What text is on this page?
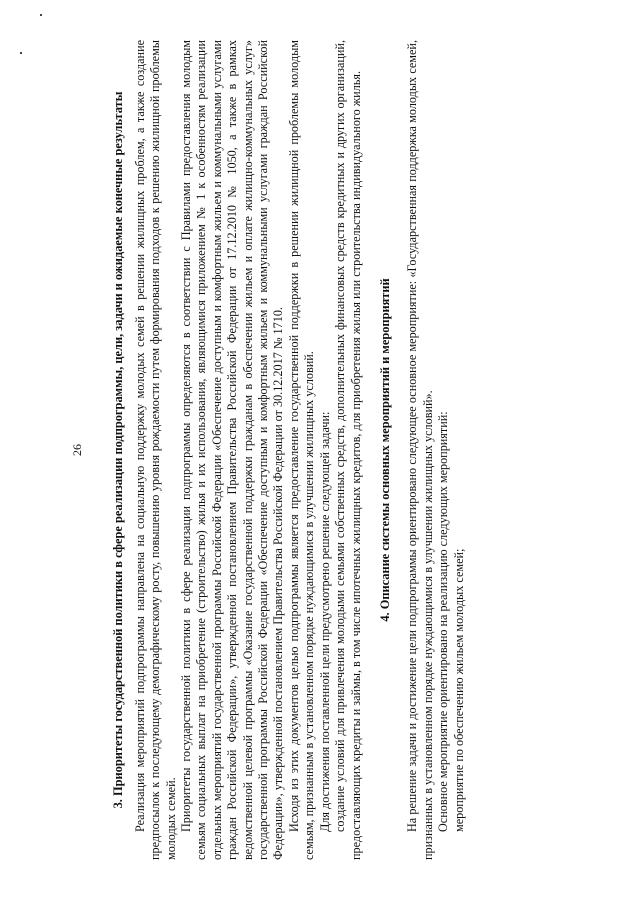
26 3. Приоритеты государственной политики в сфере реализации подпрограммы, цели, задачи и ожидаемые конечные результаты Реализация мероприятий подпрограммы направлена на социальную поддержку молодых семей в решении жилищных проблем, а также создание предпосылок к последующему демографическому росту, повышению уровня рождаемости путем формирования подходов к решению жилищной проблемы молодых семей. Приоритеты государственной политики в сфере реализации подпрограммы определяются в соответствии с Правилами предоставления молодым семьям социальных выплат на приобретение (строительство) жилья и их использования, являющимися приложением № 1 к особенностям реализации отдельных мероприятий государственной программы Российской Федерации «Обеспечение доступным и комфортным жильем и коммунальными услугами граждан Российской Федерации», утвержденной постановлением Правительства Российской Федерации от 17.12.2010 № 1050, а также в рамках ведомственной целевой программы «Оказание государственной поддержки гражданам в обеспечении жильем и оплате жилищно-коммунальных услуг» государственной программы Российской Федерации «Обеспечение доступным и комфортным жильем и коммунальными услугами граждан Российской Федерации», утвержденной постановлением Правительства Российской Федерации от 30.12.2017 № 1710. Исходя из этих документов целью подпрограммы является предоставление государственной поддержки в решении жилищной проблемы молодым семьям, признанным в установленном порядке нуждающимися в улучшении жилищных условий. Для достижения поставленной цели предусмотрено решение следующей задачи: создание условий для привлечения молодыми семьями собственных средств, дополнительных финансовых средств кредитных и других организаций, предоставляющих кредиты и займы, в том числе ипотечных жилищных кредитов, для приобретения жилья или строительства индивидуального жилья. 4. Описание системы основных мероприятий и мероприятий На решение задачи и достижение цели подпрограммы ориентировано следующее основное мероприятие: «Государственная поддержка молодых семей, признанных в установленном порядке нуждающимися в улучшении жилищных условий». Основное мероприятие ориентировано на реализацию следующих мероприятий: мероприятие по обеспечению жильем молодых семей;
